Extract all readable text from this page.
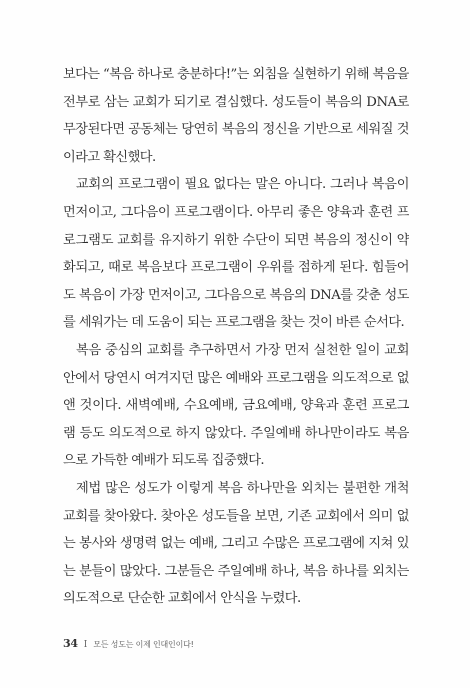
보다는 “복음 하나로 충분하다!”는 외침을 실현하기 위해 복음을
전부로 삼는 교회가 되기로 결심했다. 성도들이 복음의 DNA로
무장된다면 공동체는 당연히 복음의 정신을 기반으로 세워질 것
이라고 확신했다.

교회의 프로그램이 필요 없다는 말은 아니다. 그러나 복음이
먼저이고, 그다음이 프로그램이다. 아무리 좋은 양육과 훈련 프
로그램도 교회를 유지하기 위한 수단이 되면 복음의 정신이 약
화되고, 때로 복음보다 프로그램이 우위를 점하게 된다. 힘들어
도 복음이 가장 먼저이고, 그다음으로 복음의 DNA를 갖춘 성도
를 세워가는 데 도움이 되는 프로그램을 찾는 것이 바른 순서다.

복음 중심의 교회를 추구하면서 가장 먼저 실천한 일이 교회
안에서 당연시 여겨지던 많은 예배와 프로그램을 의도적으로 없
앤 것이다. 새벽예배, 수요예배, 금요예배, 양육과 훈련 프로그
램 등도 의도적으로 하지 않았다. 주일예배 하나만이라도 복음
으로 가득한 예배가 되도록 집중했다.

제법 많은 성도가 이렇게 복음 하나만을 외치는 불편한 개척
교회를 찾아왔다. 찾아온 성도들을 보면, 기존 교회에서 의미 없
는 봉사와 생명력 없는 예배, 그리고 수많은 프로그램에 지쳐 있
는 분들이 많았다. 그분들은 주일예배 하나, 복음 하나를 외치는
의도적으로 단순한 교회에서 안식을 누렸다.

34 I 모든 성도는 이제 인대인이다!
